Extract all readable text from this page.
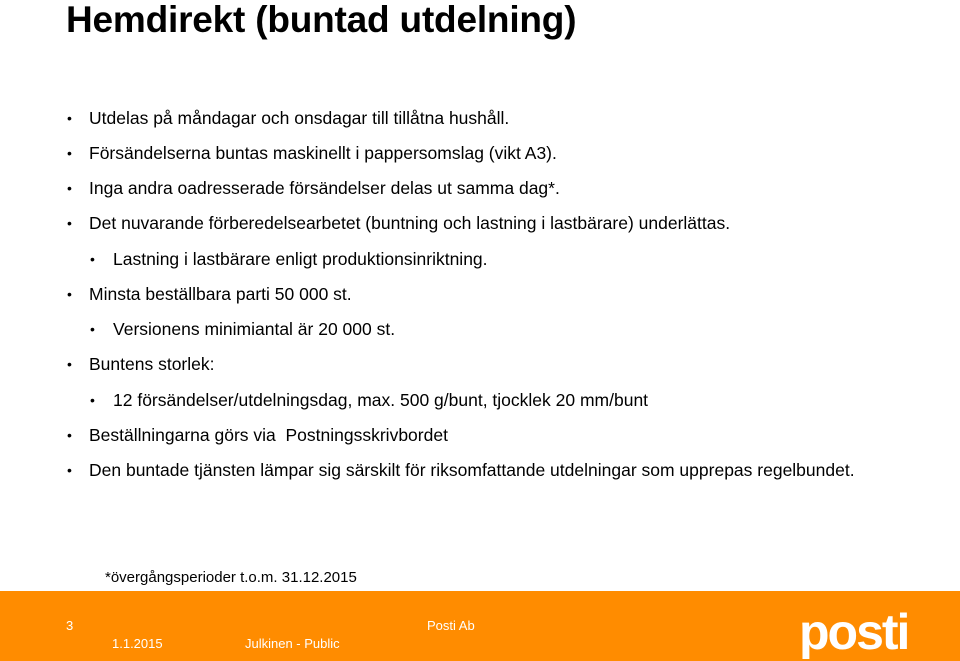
Hemdirekt (buntad utdelning)
• Utdelas på måndagar och onsdagar till tillåtna hushåll.
• Försändelserna buntas maskinellt i pappersomslag (vikt A3).
• Inga andra oadresserade försändelser delas ut samma dag*.
• Det nuvarande förberedelsearbetet (buntning och lastning i lastbärare) underlättas.
• Lastning i lastbärare enligt produktionsinriktning.
• Minsta beställbara parti 50 000 st.
• Versionens minimiantal är 20 000 st.
• Buntens storlek:
• 12 försändelser/utdelningsdag, max. 500 g/bunt, tjocklek 20 mm/bunt
• Beställningarna görs via  Postningsskrivbordet
• Den buntade tjänsten lämpar sig särskilt för riksomfattande utdelningar som upprepas regelbundet.
*övergångsperioder t.o.m. 31.12.2015
3	Posti Ab
1.1.2015	Julkinen - Public	posti
